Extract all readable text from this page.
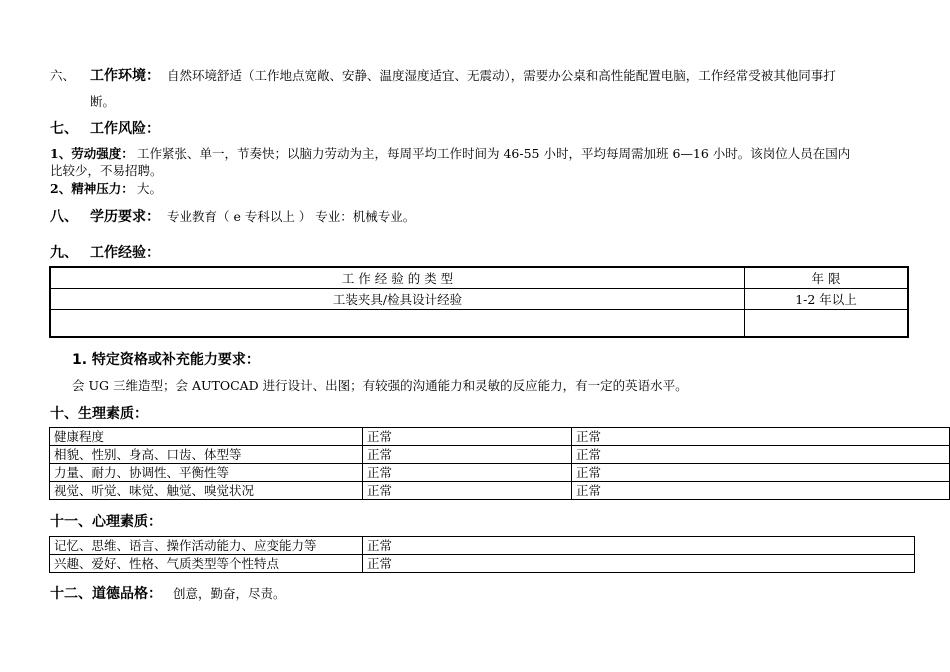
六、 工作环境： 自然环境舒适（工作地点宽敞、安静、温度湿度适宜、无震动），需要办公桌和高性能配置电脑，工作经常受被其他同事打
断。
七、 工作风险：
1、劳动强度： 工作紧张、单一，节奏快；以脑力劳动为主，每周平均工作时间为 46-55 小时，平均每周需加班 6—16 小时。该岗位人员在国内
比较少，不易招聘。
2、精神压力： 大。
八、 学历要求： 专业教育（ e 专科以上 ） 专业：机械专业。
九、 工作经验：
工 作 经 验 的 类 型	年 限
工装夹具/检具设计经验	1-2 年以上

1. 特定资格或补充能力要求：
会 UG 三维造型；会 AUTOCAD 进行设计、出图；有较强的沟通能力和灵敏的反应能力，有一定的英语水平。
十、生理素质：
健康程度	正常	正常
相貌、性别、身高、口齿、体型等	正常	正常
力量、耐力、协调性、平衡性等	正常	正常
视觉、听觉、味觉、触觉、嗅觉状况	正常	正常
十一、心理素质：
记忆、思维、语言、操作活动能力、应变能力等	正常
兴趣、爱好、性格、气质类型等个性特点	正常
十二、道德品格： 创意，勤奋，尽责。
